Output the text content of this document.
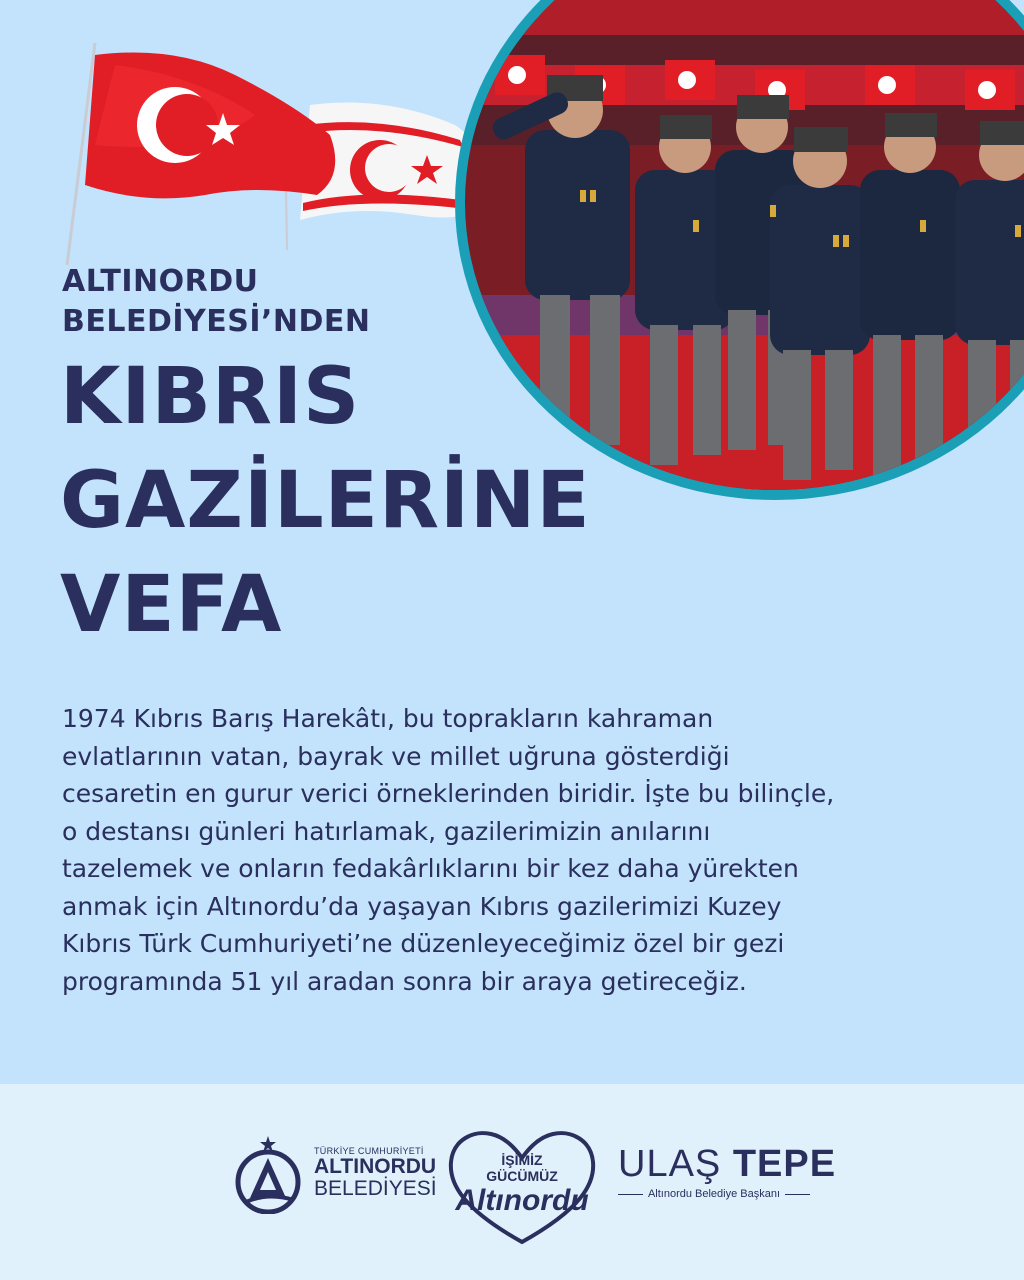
ALTINORDU
BELEDİYESİ’NDEN
KIBRIS
GAZİLERİNE
VEFA
1974 Kıbrıs Barış Harekâtı, bu toprakların kahraman
evlatlarının vatan, bayrak ve millet uğruna gösterdiği
cesaretin en gurur verici örneklerinden biridir. İşte bu bilinçle,
o destansı günleri hatırlamak, gazilerimizin anılarını
tazelemek ve onların fedakârlıklarını bir kez daha yürekten
anmak için Altınordu’da yaşayan Kıbrıs gazilerimizi Kuzey
Kıbrıs Türk Cumhuriyeti’ne düzenleyeceğimiz özel bir gezi
programında 51 yıl aradan sonra bir araya getireceğiz.
TÜRKİYE CUMHURİYETİ
ALTINORDU
BELEDİYESİ
İŞİMİZ
GÜCÜMÜZ
Altınordu
ULAŞ TEPE
Altınordu Belediye Başkanı
